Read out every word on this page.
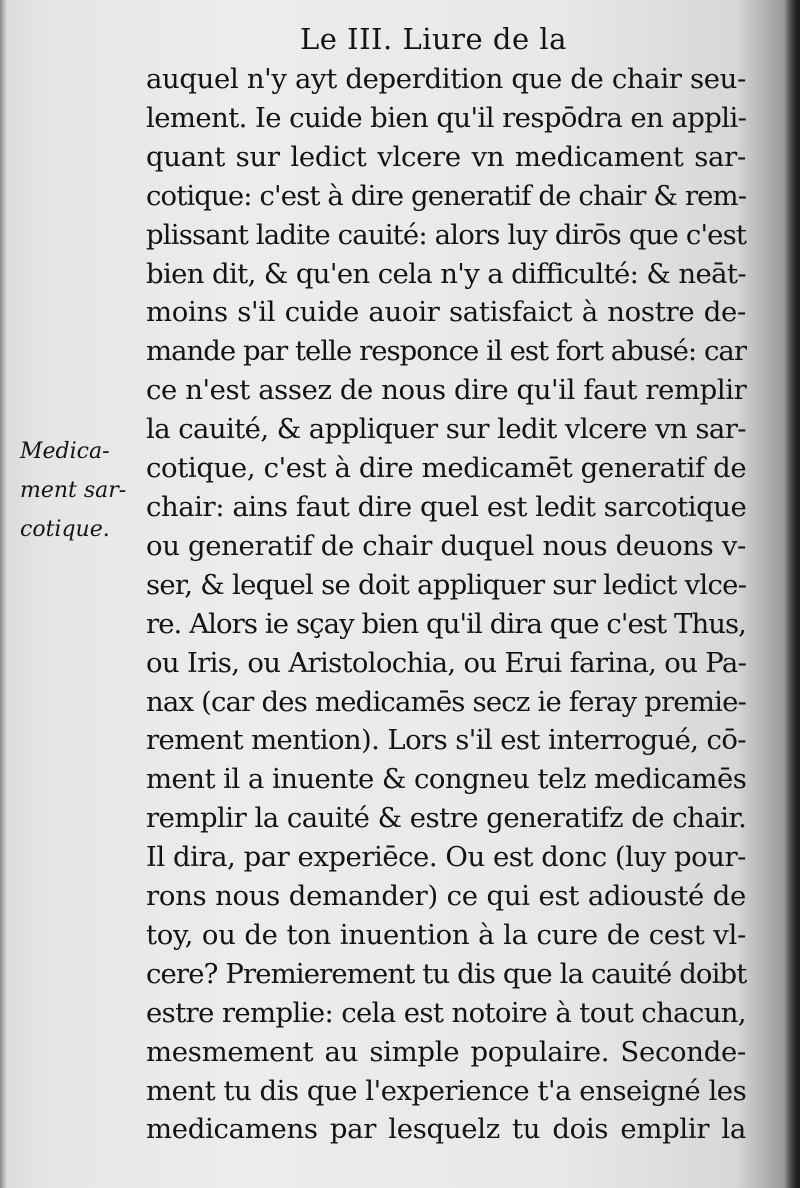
Le III. Liure de la
Medica-
ment sar-
cotique.
auquel n'y ayt deperdition que de chair seu-
lement. Ie cuide bien qu'il respōdra en appli-
quant sur ledict vlcere vn medicament sar-
cotique: c'est à dire generatif de chair & rem-
plissant ladite cauité: alors luy dirōs que c'est
bien dit, & qu'en cela n'y a difficulté: & neāt-
moins s'il cuide auoir satisfaict à nostre de-
mande par telle responce il est fort abusé: car
ce n'est assez de nous dire qu'il faut remplir
la cauité, & appliquer sur ledit vlcere vn sar-
cotique, c'est à dire medicamēt generatif de
chair: ains faut dire quel est ledit sarcotique
ou generatif de chair duquel nous deuons v-
ser, & lequel se doit appliquer sur ledict vlce-
re. Alors ie sçay bien qu'il dira que c'est Thus,
ou Iris, ou Aristolochia, ou Erui farina, ou Pa-
nax (car des medicamēs secz ie feray premie-
rement mention). Lors s'il est interrogué, cō-
ment il a inuente & congneu telz medicamēs
remplir la cauité & estre generatifz de chair.
Il dira, par experiēce. Ou est donc (luy pour-
rons nous demander) ce qui est adiousté de
toy, ou de ton inuention à la cure de cest vl-
cere? Premierement tu dis que la cauité doibt
estre remplie: cela est notoire à tout chacun,
mesmement au simple populaire. Seconde-
ment tu dis que l'experience t'a enseigné les
medicamens par lesquelz tu dois emplir la
